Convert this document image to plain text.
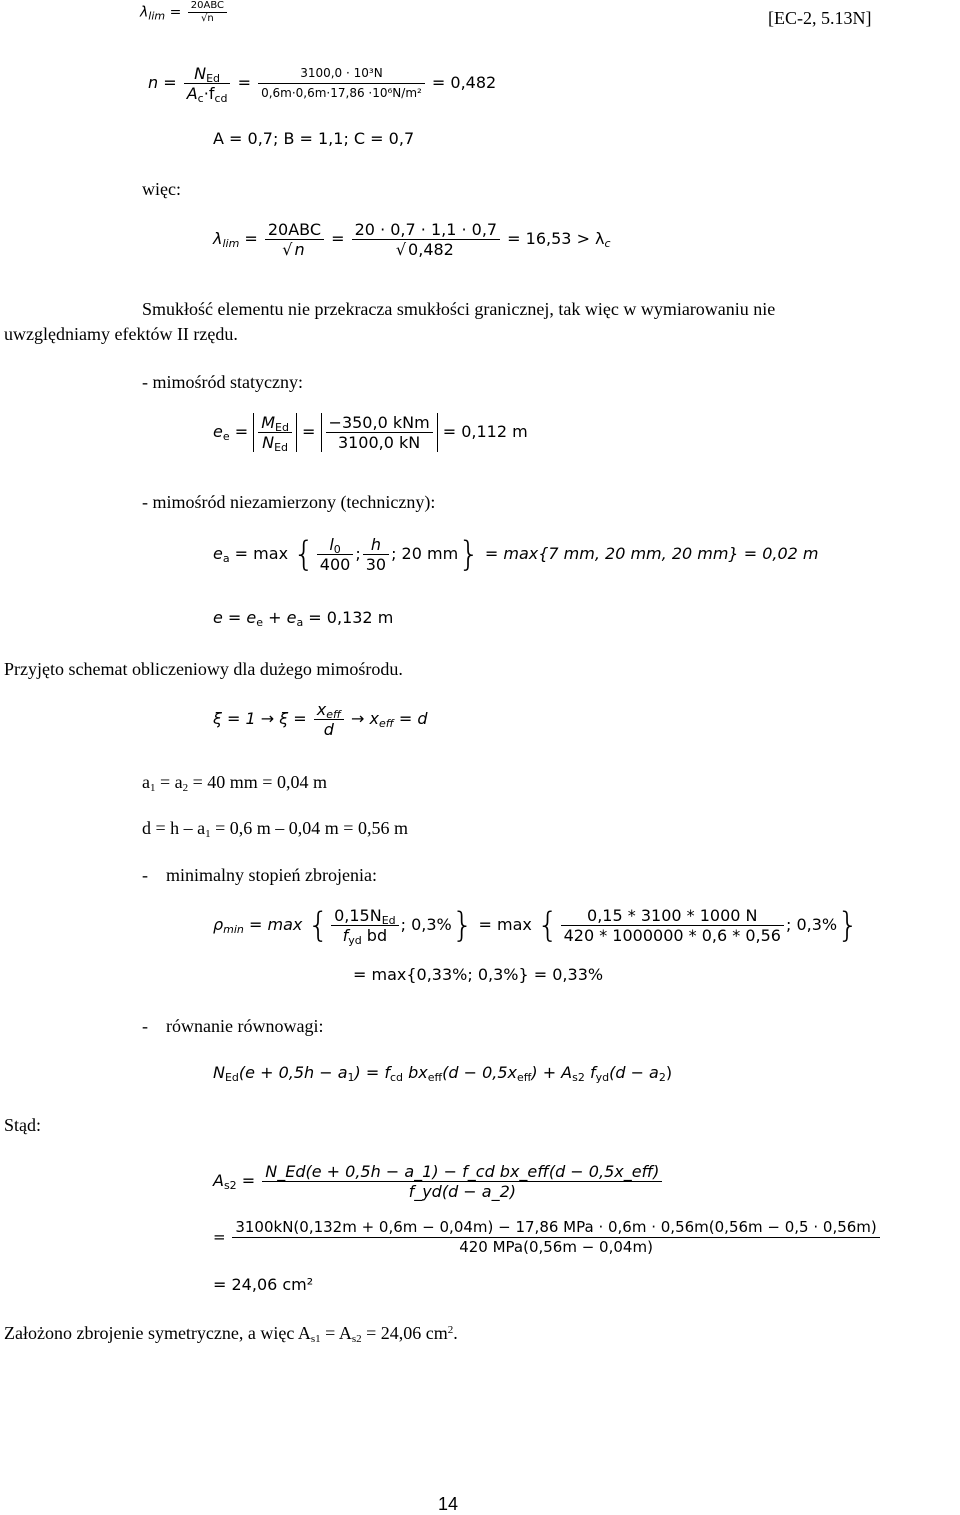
[EC-2, 5.13N]
$\lambda_{lim} = \frac{\text{20ABC}}{√n}$
$n = \frac{N_{Ed}}{A_c\cdot f_{cd}} = \frac{\text{3100,0 · 10³N}}{\text{0,6m·0,6m·17,86 ·10⁶N/m²}} = 0,482$
A = 0,7; B = 1,1; C = 0,7
więc:
$\lambda_{lim} = \frac{\text{20ABC}}{√ n} = \frac{20 \cdot 0,7 \cdot 1,1 \cdot 0,7}{√ 0,482} = 16,53 > \lambda_c$
Smukłość elementu nie przekracza smukłości granicznej, tak więc w wymiarowaniu nie
uwzględniamy efektów II rzędu.
- mimośród statyczny:
$e_e = \frac{M_{Ed}}{N_{Ed}} = \frac{\text{−350,0 kNm}}{3100,0 kN} = 0,112$ m
- mimośród niezamierzony (techniczny):
$e_a = \max$ { $\frac{l_0}{400}$ ; $\frac{h}{30}$ ; 20 mm} = max{7 mm, 20 mm, 20 mm} = 0,02 m
$e = e_e + e_a = 0,132$ m
Przyjęto schemat obliczeniowy dla dużego mimośrodu.
$\xi = 1 \to \xi = \frac{x_{eff}}{d} \to x_{eff} = d$
$a_1 = a_2 = 40$ mm = 0,04 m
$d = h - a_1 = 0,6$ m – 0,04 m = 0,56 m
-    minimalny stopień zbrojenia:
$\rho_{min} = \max$ { $\frac{0,15N_{Ed}}{f_{yd} bd}$ ; 0,3%} = max { $\frac{0,15 * 3100 * 1000 N}{420 * 1000000 * 0,6 * 0,56}$ ; 0,3%}
= max{0,33%; 0,3%} = 0,33%
-    równanie równowagi:
$N_{Ed}(e + 0,5h - a_1) = f_{cd}$ $bx_{eff}(d - 0,5x_{eff}) + A_{s2}$ $f_{yd}(d - a_2)$
Stąd:
$A_{s2} = \frac{\text{N\_Ed(e + 0,5h − a\_1) − f\_cd bx\_eff(d − 0,5x\_eff)}}{f\_yd(d - a\_2)}$
=
3100kN(0,132m + 0,6m − 0,04m) − 17,86 MPa · 0,6m · 0,56m(0,56m − 0,5 · 0,56m)
420 MPa(0,56m − 0,04m)
= 24,06 cm²
Założono zbrojenie symetryczne, a więc $A_{s1} = A_{s2} = 24,06$ $cm^2$.
14
